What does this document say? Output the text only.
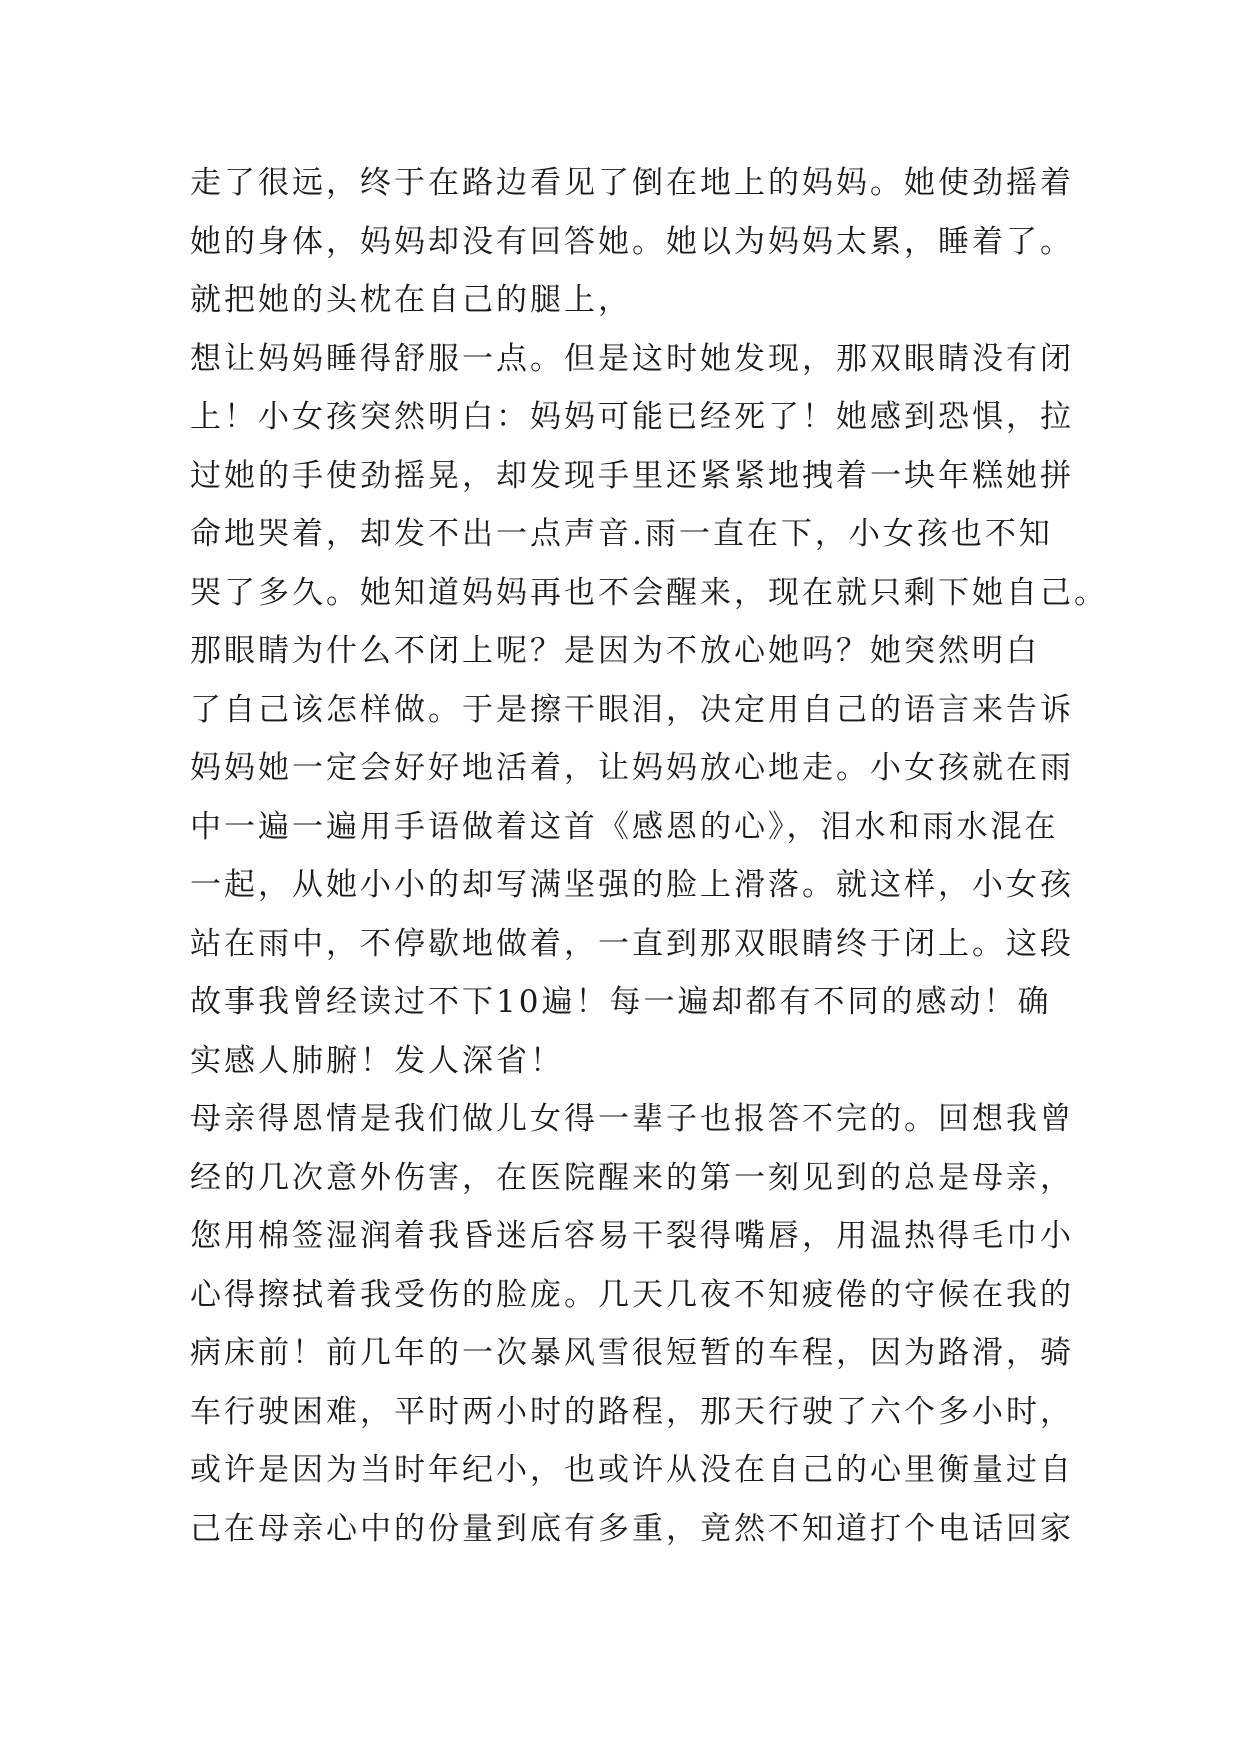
走了很远，终于在路边看见了倒在地上的妈妈。她使劲摇着
她的身体，妈妈却没有回答她。她以为妈妈太累，睡着了。
就把她的头枕在自己的腿上，
想让妈妈睡得舒服一点。但是这时她发现，那双眼睛没有闭
上！小女孩突然明白：妈妈可能已经死了！她感到恐惧，拉
过她的手使劲摇晃，却发现手里还紧紧地拽着一块年糕她拼
命地哭着，却发不出一点声音.雨一直在下，小女孩也不知
哭了多久。她知道妈妈再也不会醒来，现在就只剩下她自己。
那眼睛为什么不闭上呢？是因为不放心她吗？她突然明白
了自己该怎样做。于是擦干眼泪，决定用自己的语言来告诉
妈妈她一定会好好地活着，让妈妈放心地走。小女孩就在雨
中一遍一遍用手语做着这首《感恩的心》，泪水和雨水混在
一起，从她小小的却写满坚强的脸上滑落。就这样，小女孩
站在雨中，不停歇地做着，一直到那双眼睛终于闭上。这段
故事我曾经读过不下10遍！每一遍却都有不同的感动！确
实感人肺腑！发人深省！
母亲得恩情是我们做儿女得一辈子也报答不完的。回想我曾
经的几次意外伤害，在医院醒来的第一刻见到的总是母亲，
您用棉签湿润着我昏迷后容易干裂得嘴唇，用温热得毛巾小
心得擦拭着我受伤的脸庞。几天几夜不知疲倦的守候在我的
病床前！前几年的一次暴风雪很短暂的车程，因为路滑，骑
车行驶困难，平时两小时的路程，那天行驶了六个多小时，
或许是因为当时年纪小，也或许从没在自己的心里衡量过自
己在母亲心中的份量到底有多重，竟然不知道打个电话回家
